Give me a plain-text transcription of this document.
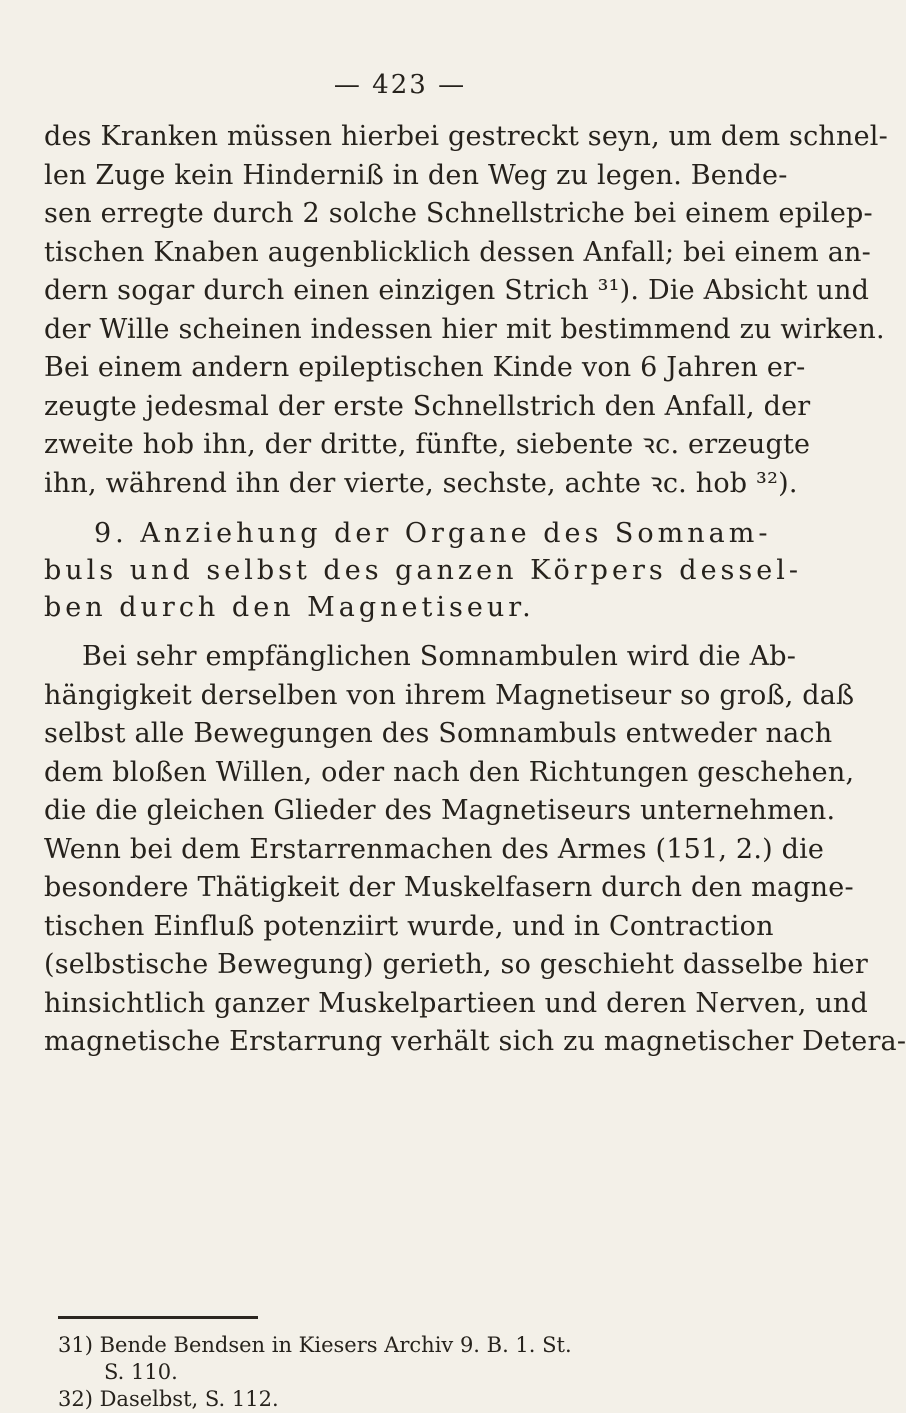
— 423 —
des Kranken müssen hierbei gestreckt seyn, um dem schnel-
len Zuge kein Hinderniß in den Weg zu legen. Bende-
sen erregte durch 2 solche Schnellstriche bei einem epilep-
tischen Knaben augenblicklich dessen Anfall; bei einem an-
dern sogar durch einen einzigen Strich ³¹). Die Absicht und
der Wille scheinen indessen hier mit bestimmend zu wirken.
Bei einem andern epileptischen Kinde von 6 Jahren er-
zeugte jedesmal der erste Schnellstrich den Anfall, der
zweite hob ihn, der dritte, fünfte, siebente ꝛc. erzeugte
ihn, während ihn der vierte, sechste, achte ꝛc. hob ³²).
9. Anziehung der Organe des Somnam-
buls und selbst des ganzen Körpers dessel-
ben durch den Magnetiseur.
Bei sehr empfänglichen Somnambulen wird die Ab-
hängigkeit derselben von ihrem Magnetiseur so groß, daß
selbst alle Bewegungen des Somnambuls entweder nach
dem bloßen Willen, oder nach den Richtungen geschehen,
die die gleichen Glieder des Magnetiseurs unternehmen.
Wenn bei dem Erstarrenmachen des Armes (151, 2.) die
besondere Thätigkeit der Muskelfasern durch den magne-
tischen Einfluß potenziirt wurde, und in Contraction
(selbstische Bewegung) gerieth, so geschieht dasselbe hier
hinsichtlich ganzer Muskelpartieen und deren Nerven, und
magnetische Erstarrung verhält sich zu magnetischer Detera-
31) Bende Bendsen in Kiesers Archiv 9. B. 1. St.
S. 110.
32) Daselbst, S. 112.
